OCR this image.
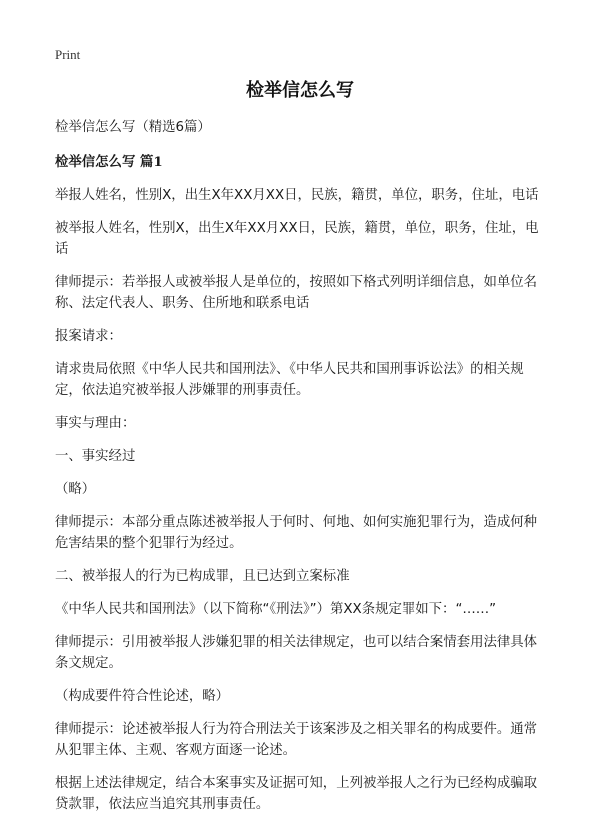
Print
检举信怎么写

检举信怎么写（精选6篇）

检举信怎么写 篇1

举报人姓名，性别X，出生X年XX月XX日，民族，籍贯，单位，职务，住址，电话

被举报人姓名，性别X，出生X年XX月XX日，民族，籍贯，单位，职务，住址，电话

律师提示：若举报人或被举报人是单位的，按照如下格式列明详细信息，如单位名称、法定代表人、职务、住所地和联系电话

报案请求：

请求贵局依照《中华人民共和国刑法》、《中华人民共和国刑事诉讼法》的相关规定，依法追究被举报人涉嫌罪的刑事责任。

事实与理由：

一、事实经过

（略）

律师提示：本部分重点陈述被举报人于何时、何地、如何实施犯罪行为，造成何种危害结果的整个犯罪行为经过。

二、被举报人的行为已构成罪，且已达到立案标准

《中华人民共和国刑法》（以下简称“《刑法》”）第XX条规定罪如下：“……”

律师提示：引用被举报人涉嫌犯罪的相关法律规定，也可以结合案情套用法律具体条文规定。

（构成要件符合性论述，略）

律师提示：论述被举报人行为符合刑法关于该案涉及之相关罪名的构成要件。通常从犯罪主体、主观、客观方面逐一论述。

根据上述法律规定，结合本案事实及证据可知，上列被举报人之行为已经构成骗取贷款罪，依法应当追究其刑事责任。
